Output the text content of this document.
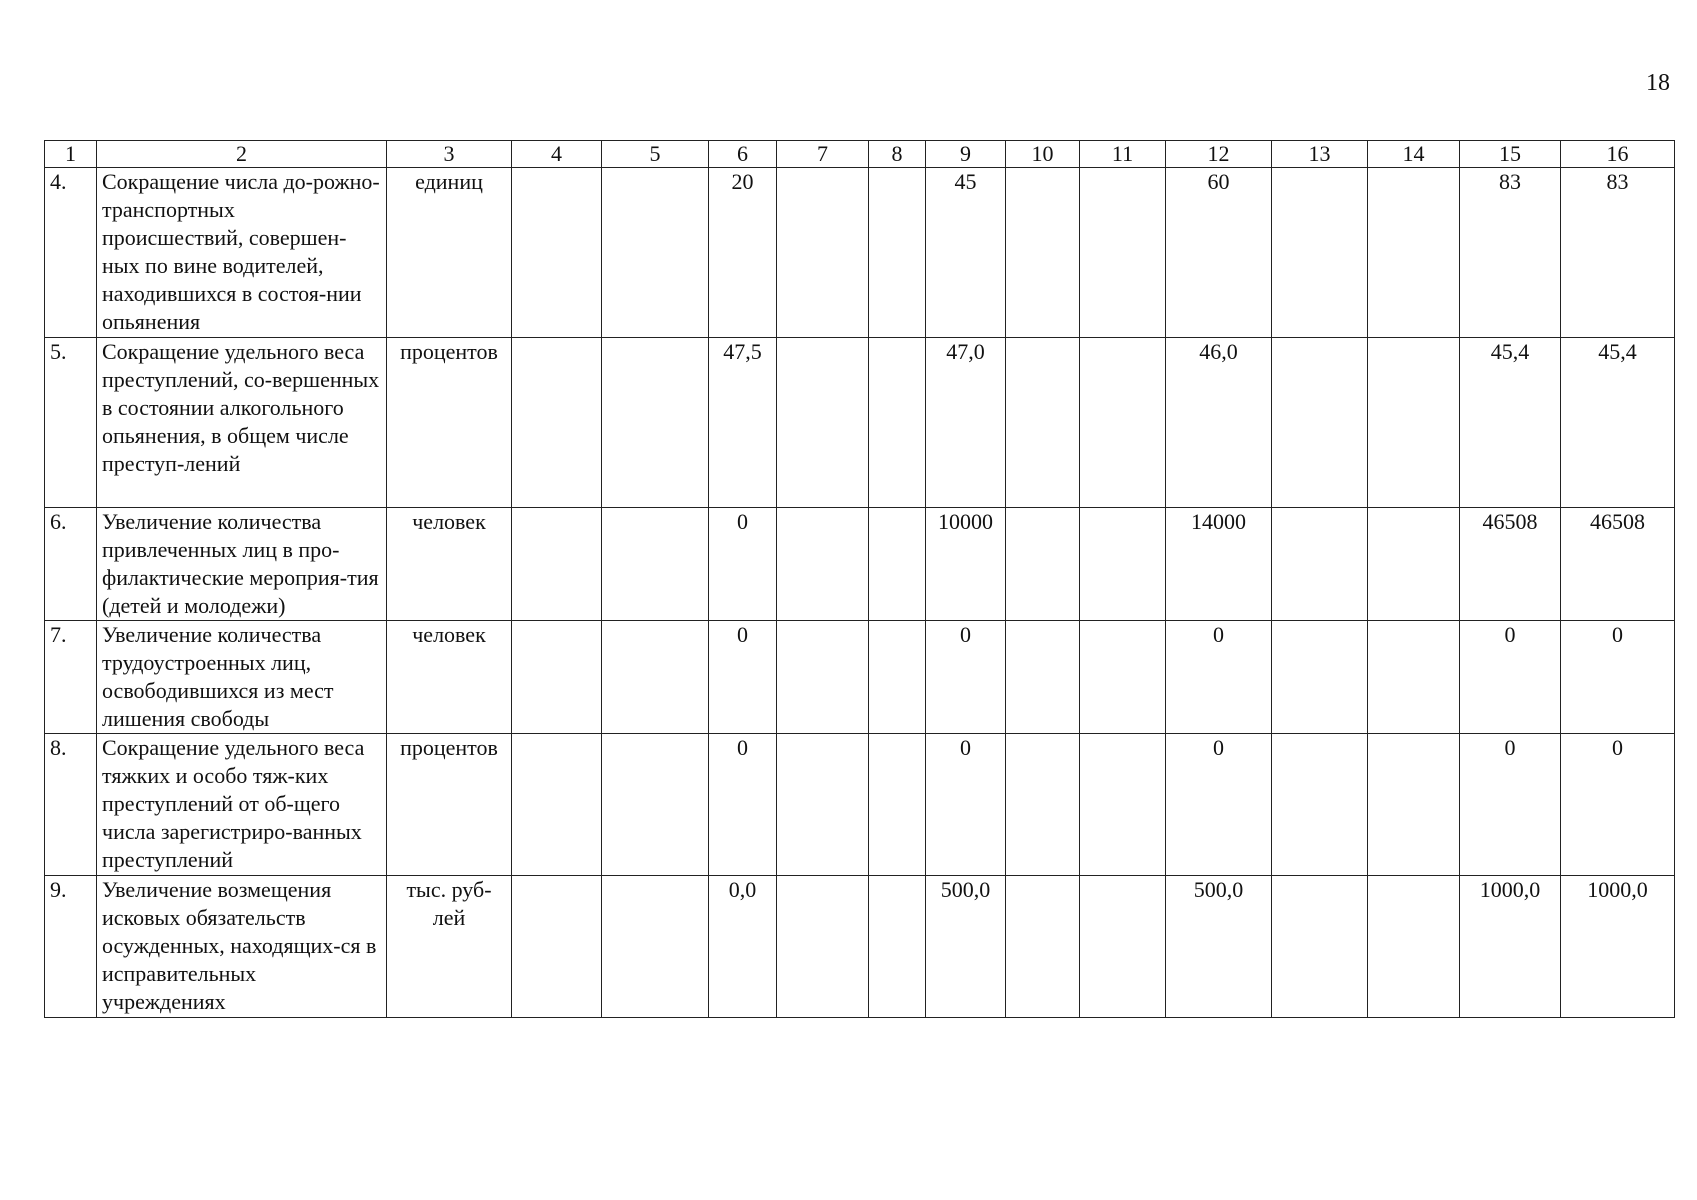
18
1	2	3	4	5	6	7	8	9	10	11	12	13	14	15	16
4.	Сокращение числа до-рожно-транспортных происшествий, совершен-ных по вине водителей, находившихся в состоя-нии опьянения	единиц			20			45			60			83	83
5.	Сокращение удельного веса преступлений, со-вершенных в состоянии алкогольного опьянения, в общем числе преступ-лений	процентов			47,5			47,0			46,0			45,4	45,4
6.	Увеличение количества привлеченных лиц в про-филактические мероприя-тия (детей и молодежи)	человек			0			10000			14000			46508	46508
7.	Увеличение количества трудоустроенных лиц, освободившихся из мест лишения свободы	человек			0			0			0			0	0
8.	Сокращение удельного веса тяжких и особо тяж-ких преступлений от об-щего числа зарегистриро-ванных преступлений	процентов			0			0			0			0	0
9.	Увеличение возмещения исковых обязательств осужденных, находящих-ся в исправительных учреждениях	тыс. руб-лей			0,0			500,0			500,0			1000,0	1000,0
